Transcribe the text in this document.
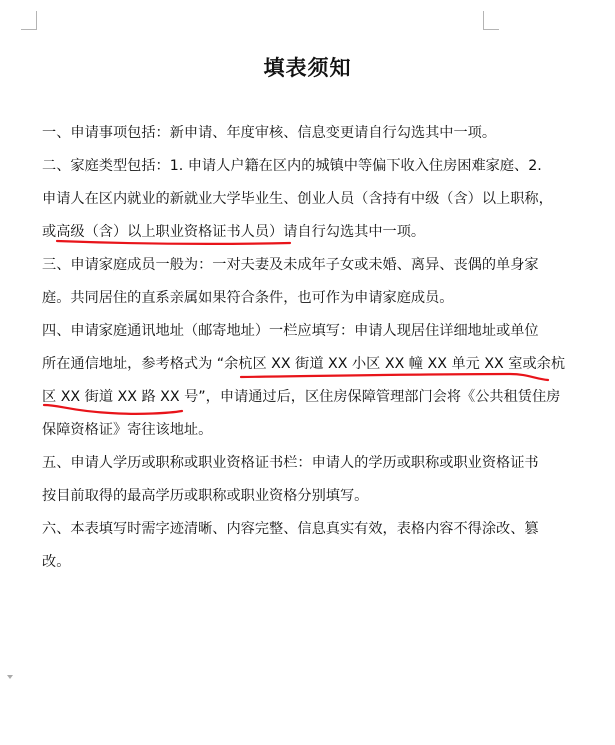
填表须知
一、申请事项包括：新申请、年度审核、信息变更请自行勾选其中一项。
二、家庭类型包括：1. 申请人户籍在区内的城镇中等偏下收入住房困难家庭、2.
申请人在区内就业的新就业大学毕业生、创业人员（含持有中级（含）以上职称，
或高级（含）以上职业资格证书人员）请自行勾选其中一项。
三、申请家庭成员一般为：一对夫妻及未成年子女或未婚、离异、丧偶的单身家
庭。共同居住的直系亲属如果符合条件，也可作为申请家庭成员。
四、申请家庭通讯地址（邮寄地址）一栏应填写：申请人现居住详细地址或单位
所在通信地址，参考格式为 “余杭区 XX 街道 XX 小区 XX 幢 XX 单元 XX 室或余杭
区 XX 街道 XX 路 XX 号”，申请通过后，区住房保障管理部门会将《公共租赁住房
保障资格证》寄往该地址。
五、申请人学历或职称或职业资格证书栏：申请人的学历或职称或职业资格证书
按目前取得的最高学历或职称或职业资格分别填写。
六、本表填写时需字迹清晰、内容完整、信息真实有效，表格内容不得涂改、篡
改。
